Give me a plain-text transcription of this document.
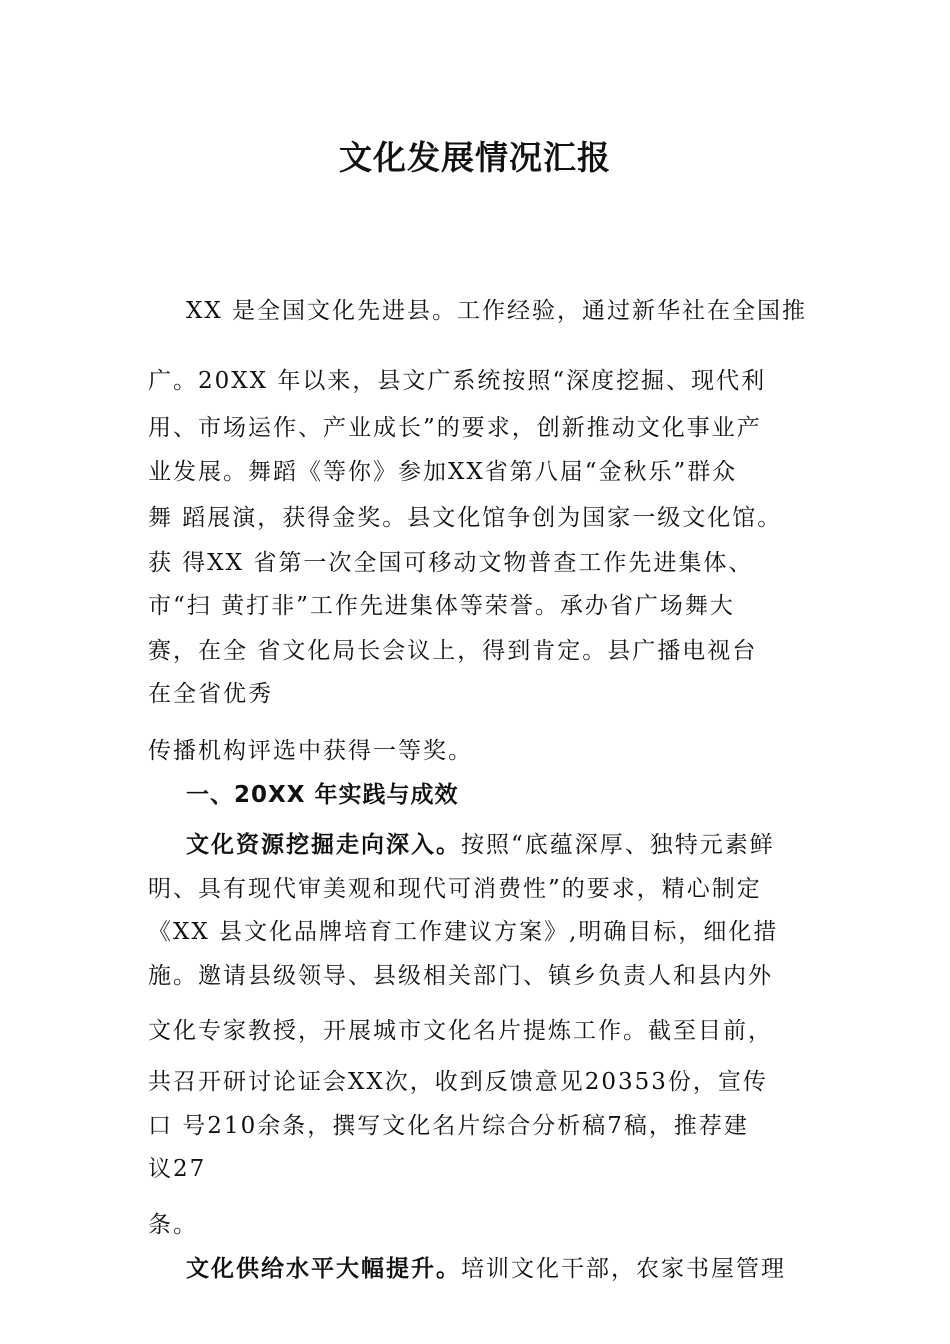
文化发展情况汇报
XX 是全国文化先进县。工作经验，通过新华社在全国推
广。20XX 年以来，县文广系统按照“深度挖掘、现代利
用、市场运作、产业成长”的要求，创新推动文化事业产
业发展。舞蹈《等你》参加XX省第八届“金秋乐”群众
舞 蹈展演，获得金奖。县文化馆争创为国家一级文化馆。
获 得XX 省第一次全国可移动文物普查工作先进集体、
市“扫 黄打非”工作先进集体等荣誉。承办省广场舞大
赛，在全 省文化局长会议上，得到肯定。县广播电视台
在全省优秀
传播机构评选中获得一等奖。
一、20XX 年实践与成效
文化资源挖掘走向深入。按照“底蕴深厚、独特元素鲜
明、具有现代审美观和现代可消费性”的要求，精心制定
《XX 县文化品牌培育工作建议方案》,明确目标，细化措
施。邀请县级领导、县级相关部门、镇乡负责人和县内外
文化专家教授，开展城市文化名片提炼工作。截至目前，
共召开研讨论证会XX次，收到反馈意见20353份，宣传
口 号210余条，撰写文化名片综合分析稿7稿，推荐建
议27
条。
文化供给水平大幅提升。培训文化干部，农家书屋管理
